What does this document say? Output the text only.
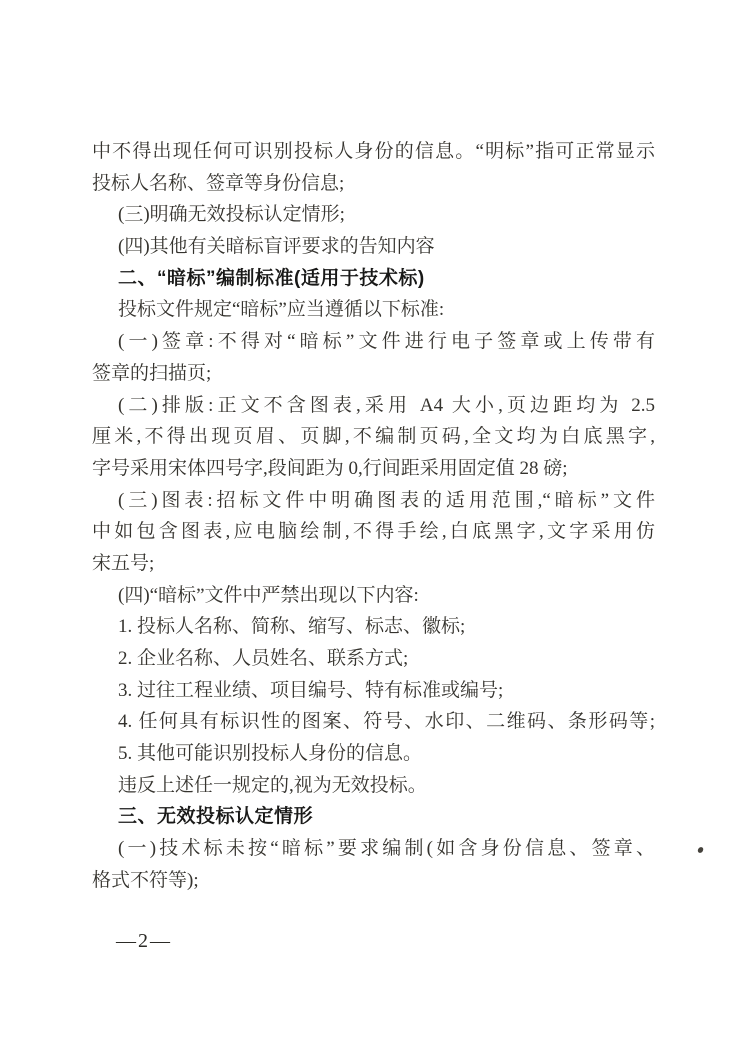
中不得出现任何可识别投标人身份的信息。“明标”指可正常显示
投标人名称、签章等身份信息;
(三)明确无效投标认定情形;
(四)其他有关暗标盲评要求的告知内容
二、“暗标”编制标准(适用于技术标)
投标文件规定“暗标”应当遵循以下标准:
(一)签章:不得对“暗标”文件进行电子签章或上传带有
签章的扫描页;
(二)排版:正文不含图表,采用 A4 大小,页边距均为 2.5
厘米,不得出现页眉、页脚,不编制页码,全文均为白底黑字,
字号采用宋体四号字,段间距为 0,行间距采用固定值 28 磅;
(三)图表:招标文件中明确图表的适用范围,“暗标”文件
中如包含图表,应电脑绘制,不得手绘,白底黑字,文字采用仿
宋五号;
(四)“暗标”文件中严禁出现以下内容:
1. 投标人名称、简称、缩写、标志、徽标;
2. 企业名称、人员姓名、联系方式;
3. 过往工程业绩、项目编号、特有标准或编号;
4. 任何具有标识性的图案、符号、水印、二维码、条形码等;
5. 其他可能识别投标人身份的信息。
违反上述任一规定的,视为无效投标。
三、无效投标认定情形
(一)技术标未按“暗标”要求编制(如含身份信息、签章、
格式不符等);
—2—
